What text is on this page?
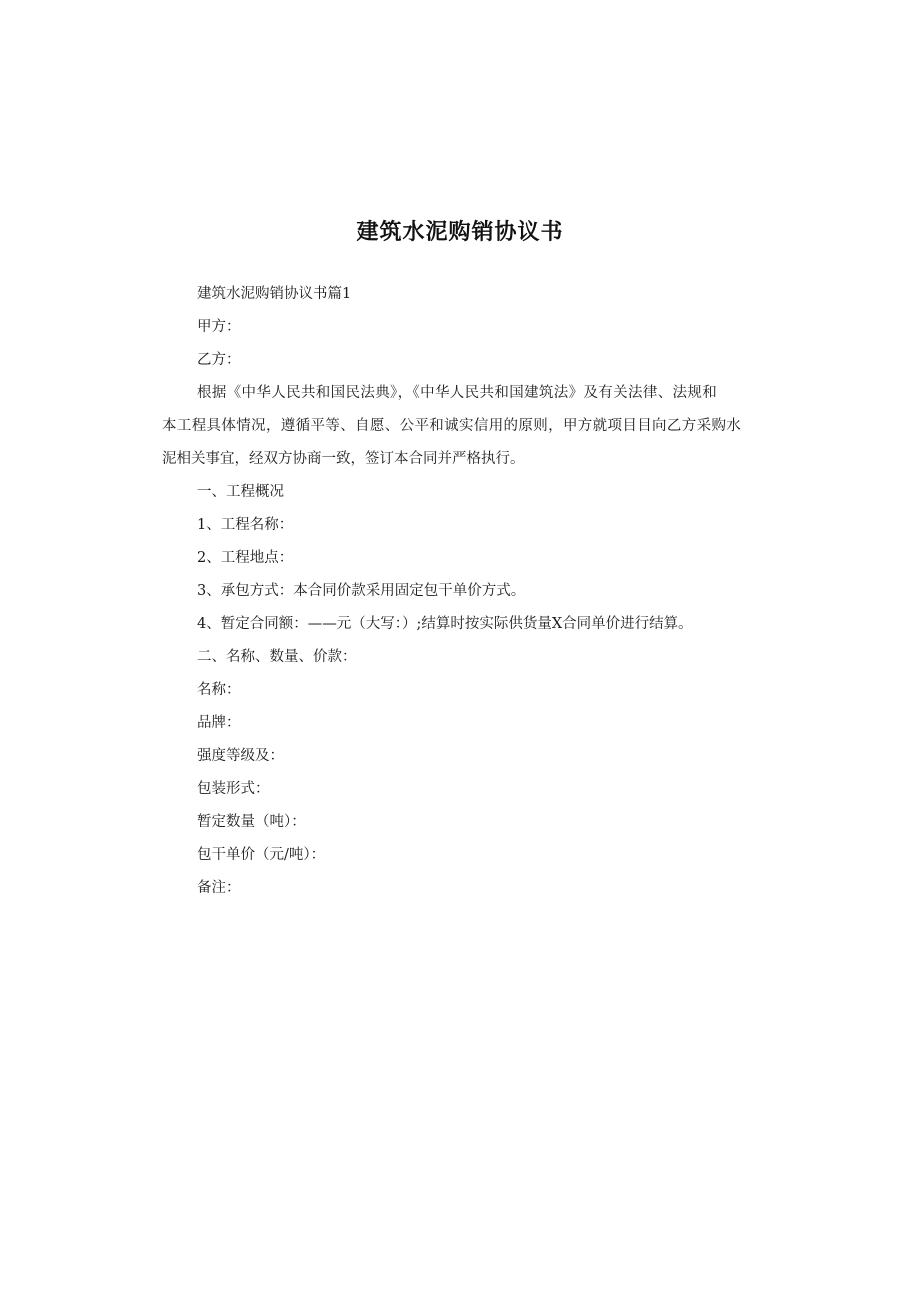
建筑水泥购销协议书
建筑水泥购销协议书篇1
甲方：
乙方：
根据《中华人民共和国民法典》，《中华人民共和国建筑法》及有关法律、法规和
本工程具体情况，遵循平等、自愿、公平和诚实信用的原则，甲方就项目目向乙方采购水
泥相关事宜，经双方协商一致，签订本合同并严格执行。
一、工程概况
1、工程名称：
2、工程地点：
3、承包方式：本合同价款采用固定包干单价方式。
4、暂定合同额：——元（大写：）;结算时按实际供货量X合同单价进行结算。
二、名称、数量、价款：
名称：
品牌：
强度等级及：
包装形式：
暂定数量（吨）：
包干单价（元/吨）：
备注：
